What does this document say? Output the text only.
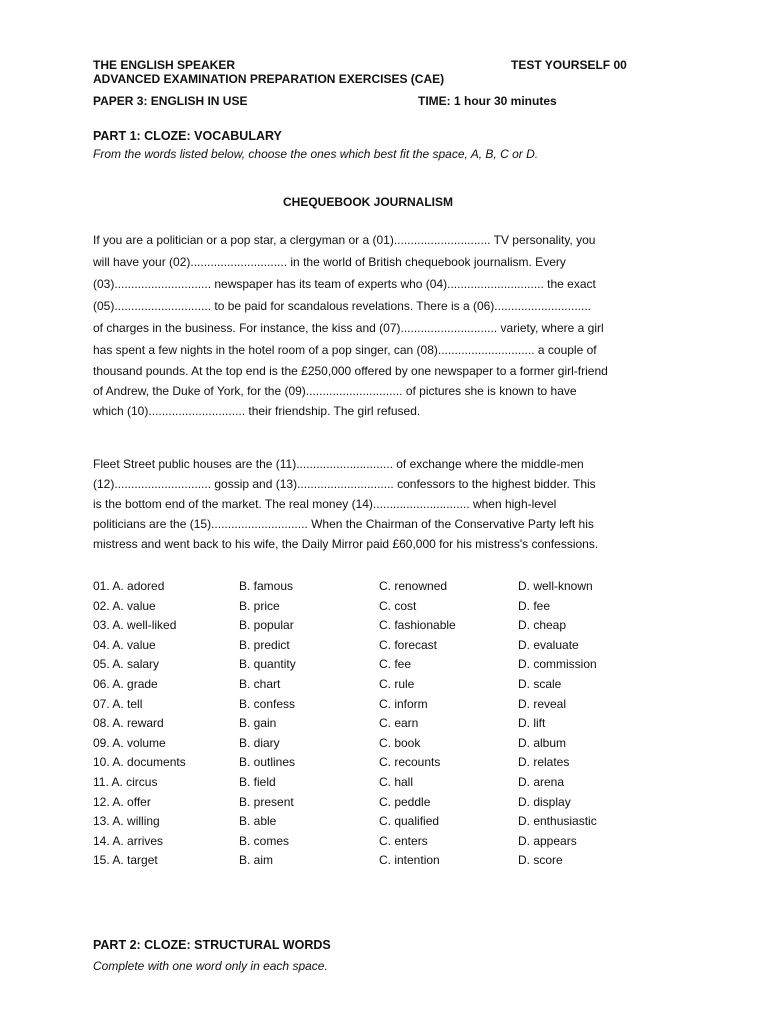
THE ENGLISH SPEAKER	TEST YOURSELF 00
ADVANCED EXAMINATION PREPARATION EXERCISES (CAE)
PAPER 3: ENGLISH IN USE	TIME: 1 hour 30 minutes
PART 1: CLOZE: VOCABULARY
From the words listed below, choose the ones which best fit the space, A, B, C or D.
CHEQUEBOOK JOURNALISM
If you are a politician or a pop star, a clergyman or a (01)............................. TV personality, you
will have your (02)............................. in the world of British chequebook journalism. Every
(03)............................. newspaper has its team of experts who (04)............................. the exact
(05)............................. to be paid for scandalous revelations. There is a (06).............................
of charges in the business. For instance, the kiss and (07)............................. variety, where a girl
has spent a few nights in the hotel room of a pop singer, can (08)............................. a couple of
thousand pounds. At the top end is the £250,000 offered by one newspaper to a former girl-friend
of Andrew, the Duke of York, for the (09)............................. of pictures she is known to have
which (10)............................. their friendship. The girl refused.
Fleet Street public houses are the (11)............................. of exchange where the middle-men
(12)............................. gossip and (13)............................. confessors to the highest bidder. This
is the bottom end of the market. The real money (14)............................. when high-level
politicians are the (15)............................. When the Chairman of the Conservative Party left his
mistress and went back to his wife, the Daily Mirror paid £60,000 for his mistress's confessions.
01. A. adored	B. famous	C. renowned	D. well-known
02. A. value	B. price	C. cost	D. fee
03. A. well-liked	B. popular	C. fashionable	D. cheap
04. A. value	B. predict	C. forecast	D. evaluate
05. A. salary	B. quantity	C. fee	D. commission
06. A. grade	B. chart	C. rule	D. scale
07. A. tell	B. confess	C. inform	D. reveal
08. A. reward	B. gain	C. earn	D. lift
09. A. volume	B. diary	C. book	D. album
10. A. documents	B. outlines	C. recounts	D. relates
11. A. circus	B. field	C. hall	D. arena
12. A. offer	B. present	C. peddle	D. display
13. A. willing	B. able	C. qualified	D. enthusiastic
14. A. arrives	B. comes	C. enters	D. appears
15. A. target	B. aim	C. intention	D. score
PART 2: CLOZE: STRUCTURAL WORDS
Complete with one word only in each space.
